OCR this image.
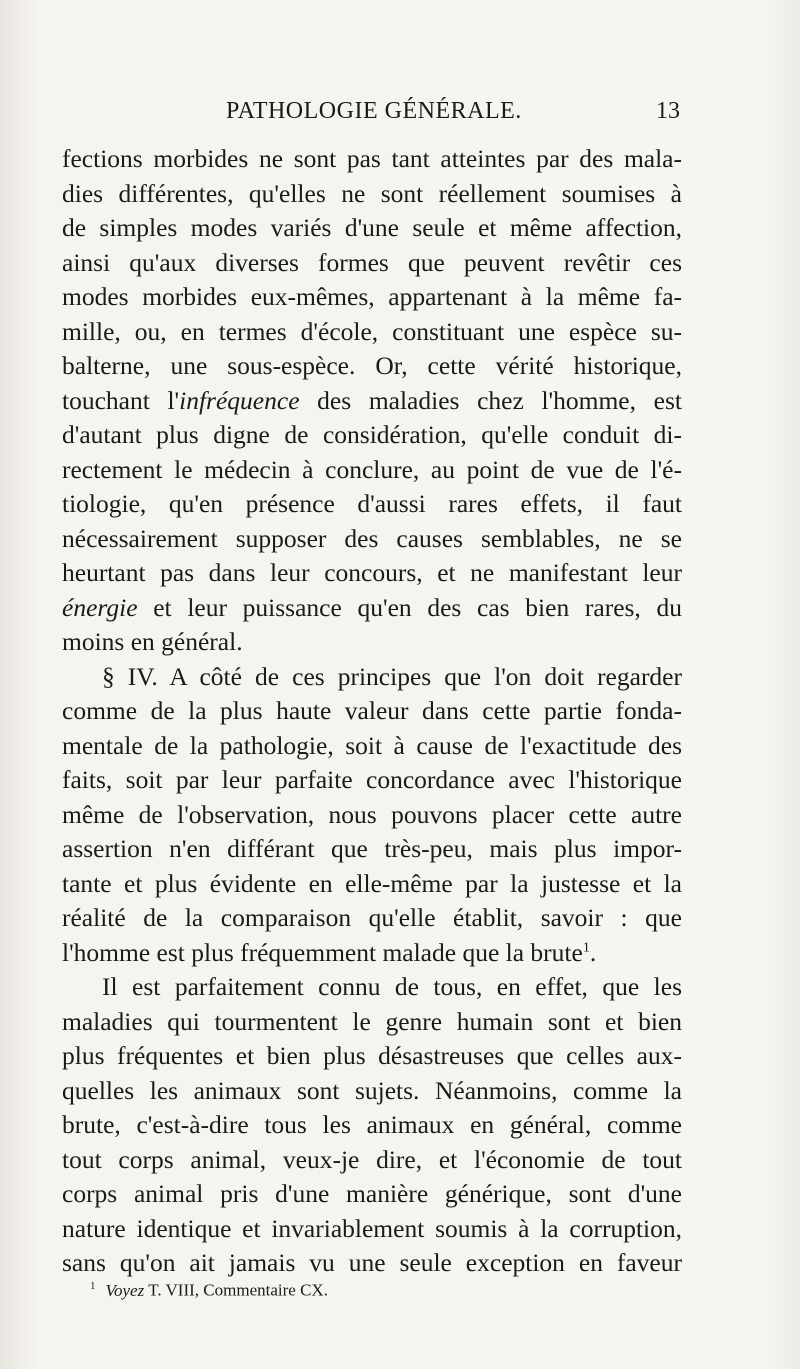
PATHOLOGIE GÉNÉRALE.	13
fections morbides ne sont pas tant atteintes par des mala-
dies différentes, qu'elles ne sont réellement soumises à
de simples modes variés d'une seule et même affection,
ainsi qu'aux diverses formes que peuvent revêtir ces
modes morbides eux-mêmes, appartenant à la même fa-
mille, ou, en termes d'école, constituant une espèce su-
balterne, une sous-espèce. Or, cette vérité historique,
touchant l'infréquence des maladies chez l'homme, est
d'autant plus digne de considération, qu'elle conduit di-
rectement le médecin à conclure, au point de vue de l'é-
tiologie, qu'en présence d'aussi rares effets, il faut
nécessairement supposer des causes semblables, ne se
heurtant pas dans leur concours, et ne manifestant leur
énergie et leur puissance qu'en des cas bien rares, du
moins en général.
§ IV. A côté de ces principes que l'on doit regarder
comme de la plus haute valeur dans cette partie fonda-
mentale de la pathologie, soit à cause de l'exactitude des
faits, soit par leur parfaite concordance avec l'historique
même de l'observation, nous pouvons placer cette autre
assertion n'en différant que très-peu, mais plus impor-
tante et plus évidente en elle-même par la justesse et la
réalité de la comparaison qu'elle établit, savoir : que
l'homme est plus fréquemment malade que la brute$^1$.
Il est parfaitement connu de tous, en effet, que les
maladies qui tourmentent le genre humain sont et bien
plus fréquentes et bien plus désastreuses que celles aux-
quelles les animaux sont sujets. Néanmoins, comme la
brute, c'est-à-dire tous les animaux en général, comme
tout corps animal, veux-je dire, et l'économie de tout
corps animal pris d'une manière générique, sont d'une
nature identique et invariablement soumis à la corruption,
sans qu'on ait jamais vu une seule exception en faveur
$^1$ Voyez T. VIII, Commentaire CX.
